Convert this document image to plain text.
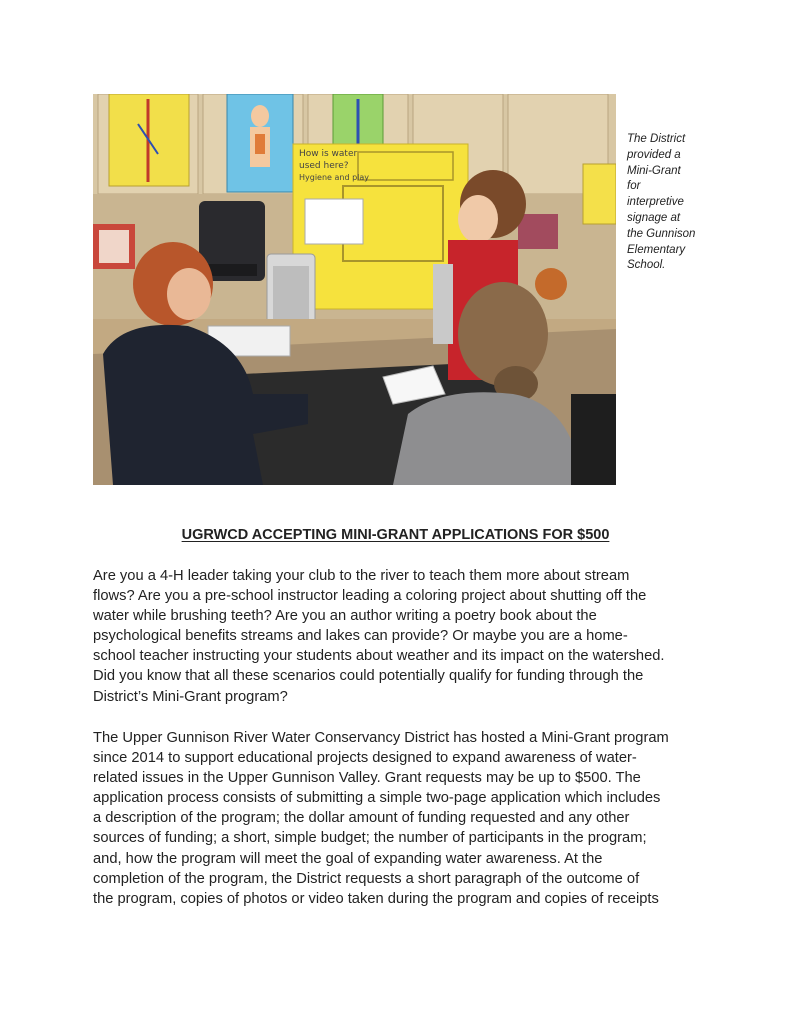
How is water
used here?
Hygiene and play
The District
provided a
Mini-Grant
for
interpretive
signage at
the Gunnison
Elementary
School.
UGRWCD ACCEPTING MINI-GRANT APPLICATIONS FOR $500

Are you a 4-H leader taking your club to the river to teach them more about stream
flows? Are you a pre-school instructor leading a coloring project about shutting off the
water while brushing teeth? Are you an author writing a poetry book about the
psychological benefits streams and lakes can provide? Or maybe you are a home-
school teacher instructing your students about weather and its impact on the watershed.
Did you know that all these scenarios could potentially qualify for funding through the
District’s Mini-Grant program?

The Upper Gunnison River Water Conservancy District has hosted a Mini-Grant program
since 2014 to support educational projects designed to expand awareness of water-
related issues in the Upper Gunnison Valley. Grant requests may be up to $500. The
application process consists of submitting a simple two-page application which includes
a description of the program; the dollar amount of funding requested and any other
sources of funding; a short, simple budget; the number of participants in the program;
and, how the program will meet the goal of expanding water awareness. At the
completion of the program, the District requests a short paragraph of the outcome of
the program, copies of photos or video taken during the program and copies of receipts
